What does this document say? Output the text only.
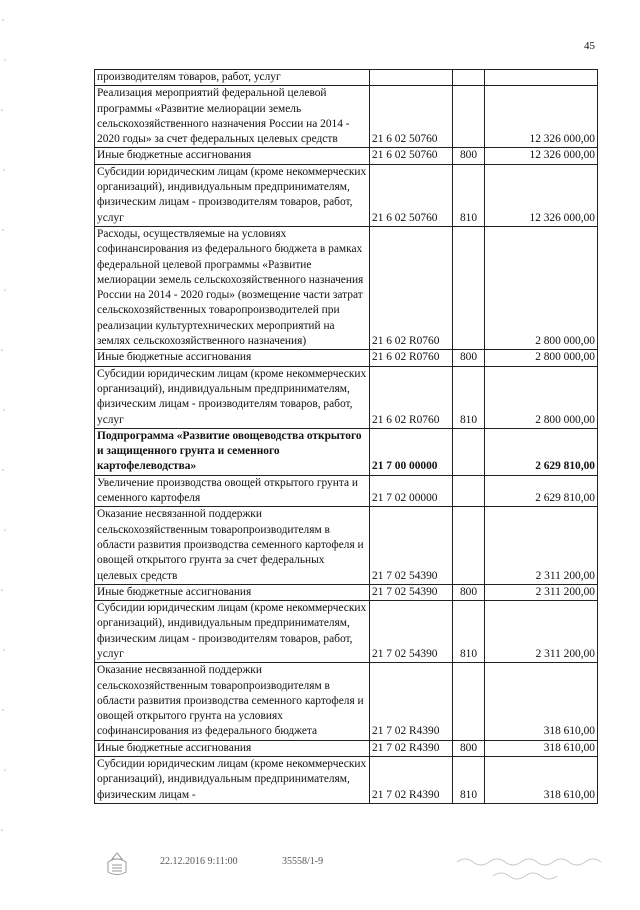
45
производителям товаров, работ, услуг			
Реализация мероприятий федеральной целевой программы «Развитие мелиорации земель сельскохозяйственного назначения России на 2014 - 2020 годы» за счет федеральных целевых средств	21 6 02 50760		12 326 000,00
Иные бюджетные ассигнования	21 6 02 50760	800	12 326 000,00
Субсидии юридическим лицам (кроме некоммерческих организаций), индивидуальным предпринимателям, физическим лицам - производителям товаров, работ, услуг	21 6 02 50760	810	12 326 000,00
Расходы, осуществляемые на условиях софинансирования из федерального бюджета в рамках федеральной целевой программы «Развитие мелиорации земель сельскохозяйственного назначения России на 2014 - 2020 годы» (возмещение части затрат сельскохозяйственных товаропроизводителей при реализации культуртехнических мероприятий на землях сельскохозяйственного назначения)	21 6 02 R0760		2 800 000,00
Иные бюджетные ассигнования	21 6 02 R0760	800	2 800 000,00
Субсидии юридическим лицам (кроме некоммерческих организаций), индивидуальным предпринимателям, физическим лицам - производителям товаров, работ, услуг	21 6 02 R0760	810	2 800 000,00
Подпрограмма «Развитие овощеводства открытого и защищенного грунта и семенного картофелеводства»	21 7 00 00000		2 629 810,00
Увеличение производства овощей открытого грунта и семенного картофеля	21 7 02 00000		2 629 810,00
Оказание несвязанной поддержки сельскохозяйственным товаропроизводителям в области развития производства семенного картофеля и овощей открытого грунта за счет федеральных целевых средств	21 7 02 54390		2 311 200,00
Иные бюджетные ассигнования	21 7 02 54390	800	2 311 200,00
Субсидии юридическим лицам (кроме некоммерческих организаций), индивидуальным предпринимателям, физическим лицам - производителям товаров, работ, услуг	21 7 02 54390	810	2 311 200,00
Оказание несвязанной поддержки сельскохозяйственным товаропроизводителям в области развития производства семенного картофеля и овощей открытого грунта на условиях софинансирования из федерального бюджета	21 7 02 R4390		318 610,00
Иные бюджетные ассигнования	21 7 02 R4390	800	318 610,00
Субсидии юридическим лицам (кроме некоммерческих организаций), индивидуальным предпринимателям, физическим лицам -	21 7 02 R4390	810	318 610,00
22.12.2016 9:11:00	35558/1-9
